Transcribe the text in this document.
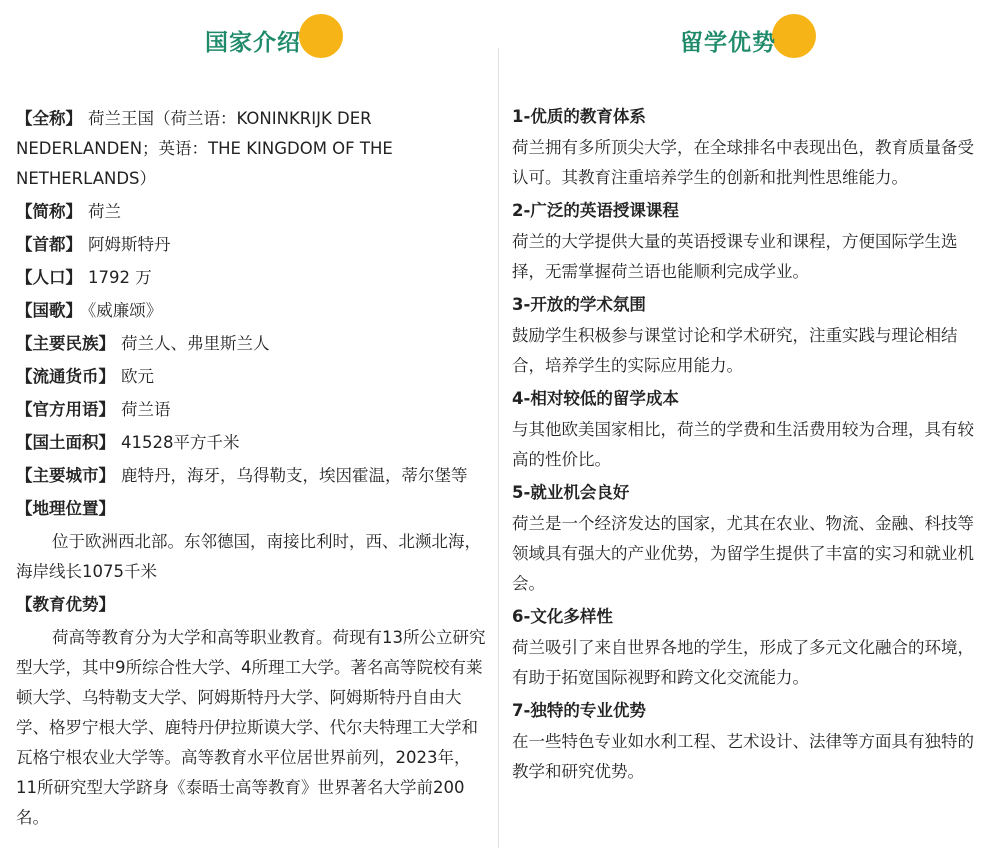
国家介绍
【全称】 荷兰王国（荷兰语：KONINKRIJK DER NEDERLANDEN；英语：THE KINGDOM OF THE NETHERLANDS）
【简称】 荷兰
【首都】 阿姆斯特丹
【人口】 1792 万
【国歌】 《威廉颂》
【主要民族】 荷兰人、弗里斯兰人
【流通货币】 欧元
【官方用语】 荷兰语
【国土面积】 41528平方千米
【主要城市】 鹿特丹，海牙，乌得勒支，埃因霍温，蒂尔堡等
【地理位置】
位于欧洲西北部。东邻德国，南接比利时，西、北濒北海，海岸线长1075千米
【教育优势】
荷高等教育分为大学和高等职业教育。荷现有13所公立研究型大学，其中9所综合性大学、4所理工大学。著名高等院校有莱顿大学、乌特勒支大学、阿姆斯特丹大学、阿姆斯特丹自由大学、格罗宁根大学、鹿特丹伊拉斯谟大学、代尔夫特理工大学和瓦格宁根农业大学等。高等教育水平位居世界前列，2023年，11所研究型大学跻身《泰晤士高等教育》世界著名大学前200名。
留学优势
1-优质的教育体系
荷兰拥有多所顶尖大学，在全球排名中表现出色，教育质量备受认可。其教育注重培养学生的创新和批判性思维能力。
2-广泛的英语授课课程
荷兰的大学提供大量的英语授课专业和课程，方便国际学生选择，无需掌握荷兰语也能顺利完成学业。
3-开放的学术氛围
鼓励学生积极参与课堂讨论和学术研究，注重实践与理论相结合，培养学生的实际应用能力。
4-相对较低的留学成本
与其他欧美国家相比，荷兰的学费和生活费用较为合理，具有较高的性价比。
5-就业机会良好
荷兰是一个经济发达的国家，尤其在农业、物流、金融、科技等领域具有强大的产业优势，为留学生提供了丰富的实习和就业机会。
6-文化多样性
荷兰吸引了来自世界各地的学生，形成了多元文化融合的环境，有助于拓宽国际视野和跨文化交流能力。
7-独特的专业优势
在一些特色专业如水利工程、艺术设计、法律等方面具有独特的教学和研究优势。
